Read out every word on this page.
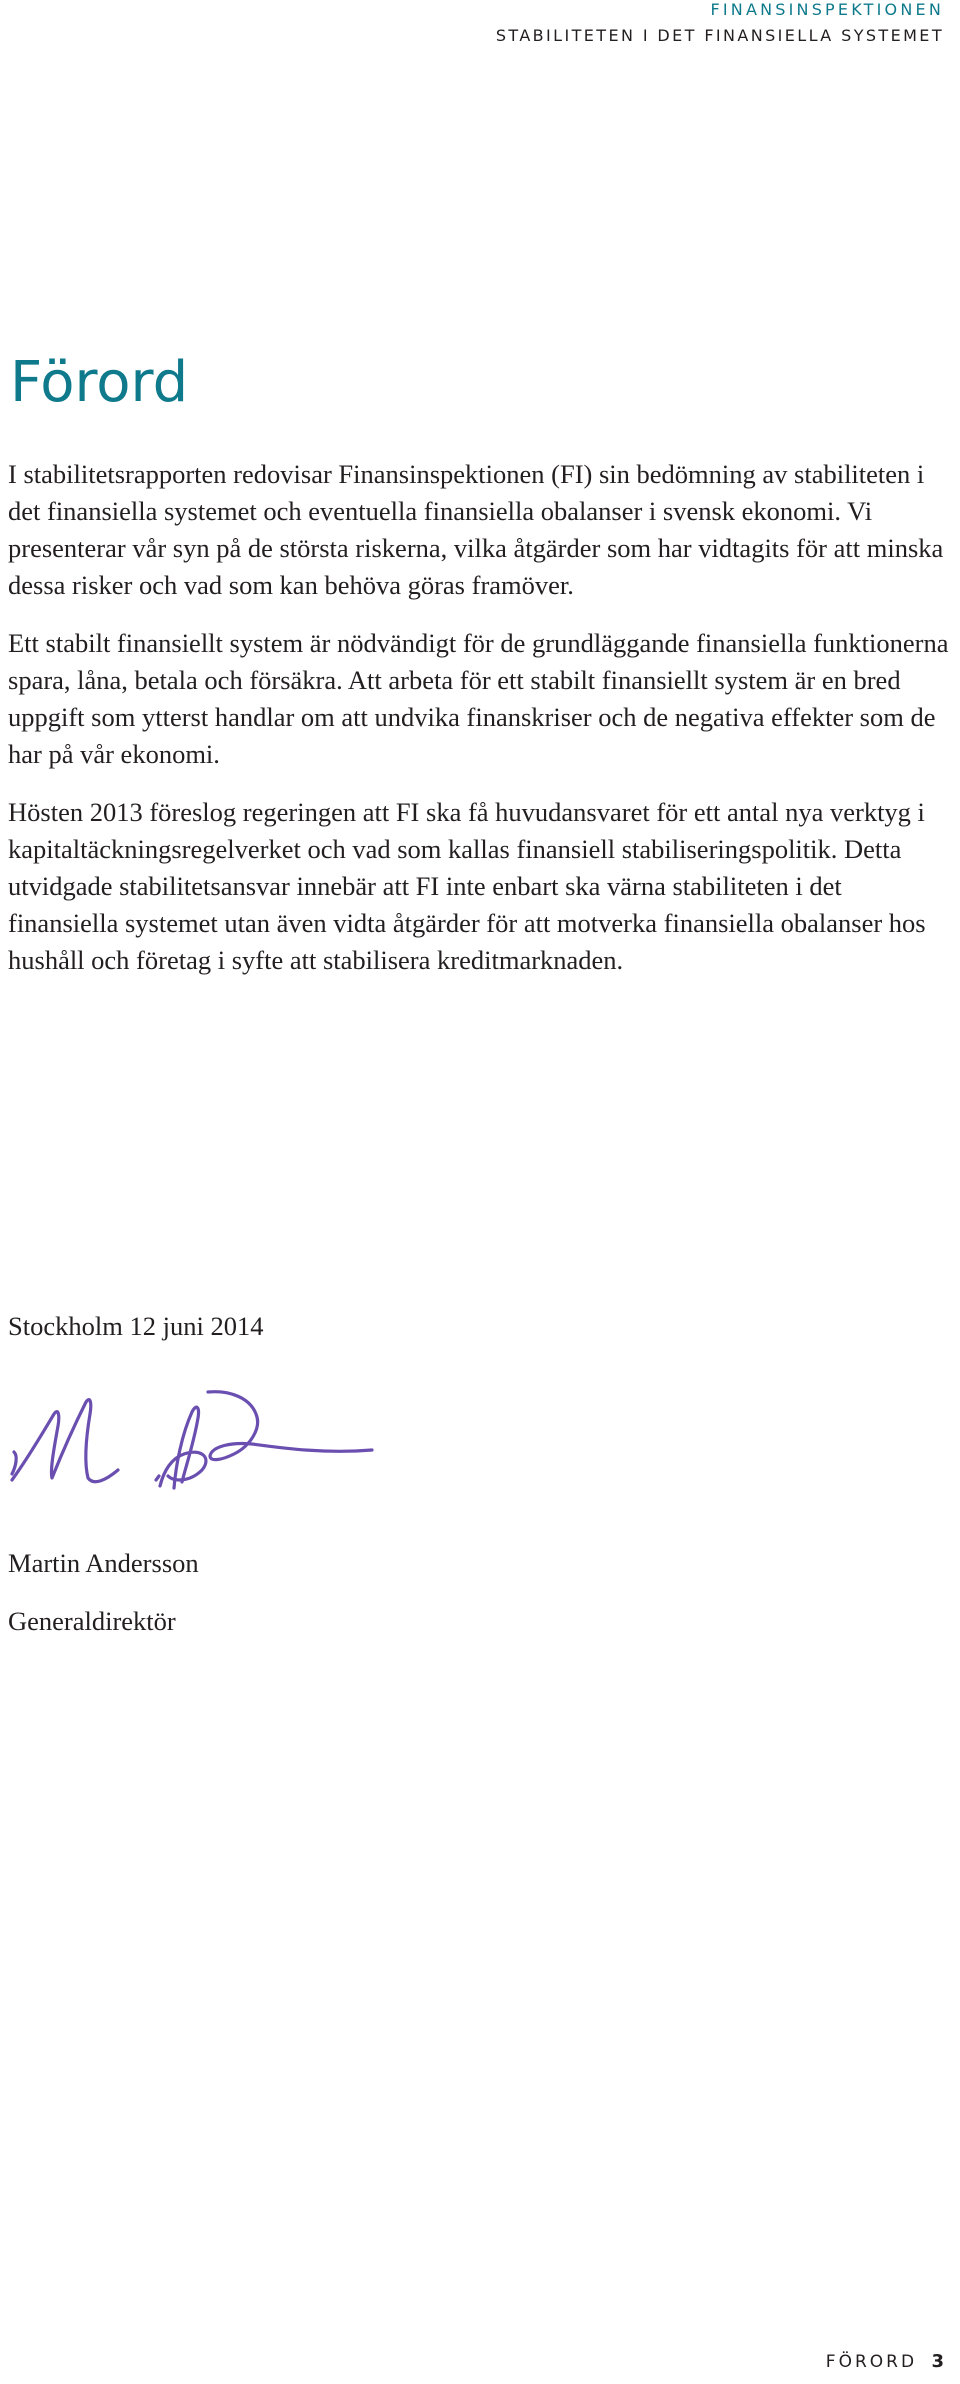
FINANSINSPEKTIONEN
STABILITETEN I DET FINANSIELLA SYSTEMET
Förord

I stabilitetsrapporten redovisar Finansinspektionen (FI) sin bedömning av stabiliteten i det finansiella systemet och eventuella finansiella obalanser i svensk ekonomi. Vi presenterar vår syn på de största riskerna, vilka åtgärder som har vidtagits för att minska dessa risker och vad som kan behöva göras framöver.

Ett stabilt finansiellt system är nödvändigt för de grundläggande finansiella funktionerna spara, låna, betala och försäkra. Att arbeta för ett stabilt finansiellt system är en bred uppgift som ytterst handlar om att undvika finanskriser och de negativa effekter som de har på vår ekonomi.

Hösten 2013 föreslog regeringen att FI ska få huvudansvaret för ett antal nya verktyg i kapitaltäckningsregelverket och vad som kallas finansiell stabiliseringspolitik. Detta utvidgade stabilitetsansvar innebär att FI inte enbart ska värna stabiliteten i det finansiella systemet utan även vidta åtgärder för att motverka finansiella obalanser hos hushåll och företag i syfte att stabilisera kreditmarknaden.

Stockholm 12 juni 2014
Martin Andersson
Generaldirektör
FÖRORD 3
